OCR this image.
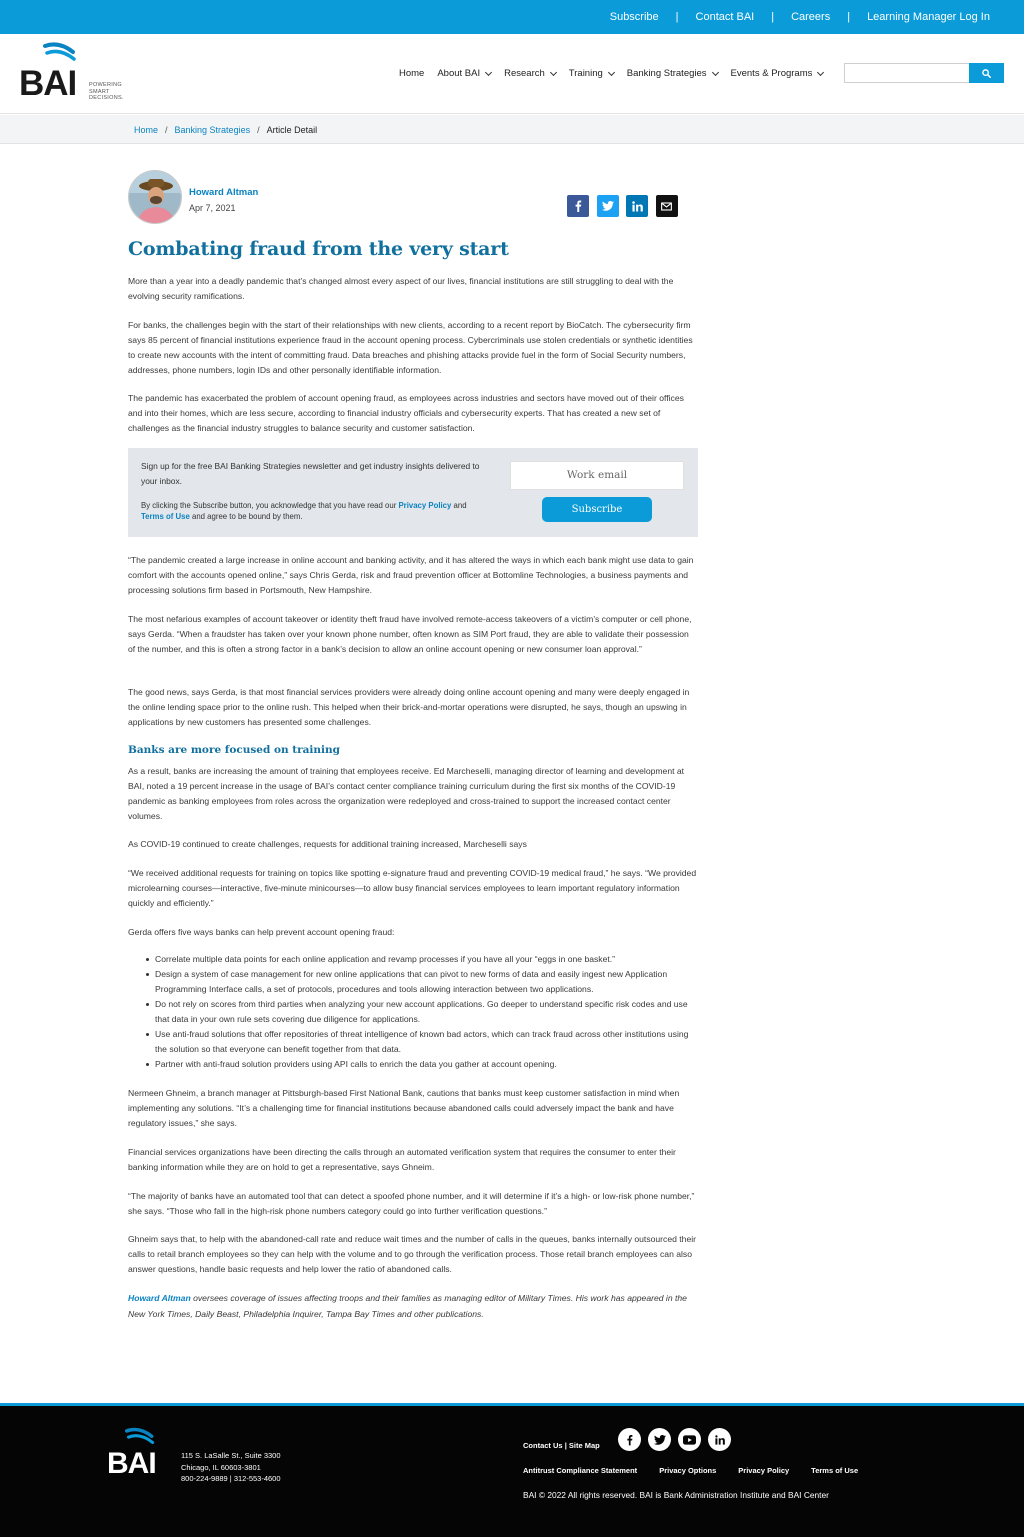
Subscribe | Contact BAI | Careers | Learning Manager Log In
BAI POWERING
SMART
DECISIONS.
Home About BAI	Research	Training	Banking Strategies	Events & Programs
Home / Banking Strategies / Article Detail
Howard Altman
Apr 7, 2021
Combating fraud from the very start

More than a year into a deadly pandemic that’s changed almost every aspect of our lives, financial institutions are still struggling to deal with the evolving security ramifications.

For banks, the challenges begin with the start of their relationships with new clients, according to a recent report by BioCatch. The cybersecurity firm says 85 percent of financial institutions experience fraud in the account opening process. Cybercriminals use stolen credentials or synthetic identities to create new accounts with the intent of committing fraud. Data breaches and phishing attacks provide fuel in the form of Social Security numbers, addresses, phone numbers, login IDs and other personally identifiable information.

The pandemic has exacerbated the problem of account opening fraud, as employees across industries and sectors have moved out of their offices and into their homes, which are less secure, according to financial industry officials and cybersecurity experts. That has created a new set of challenges as the financial industry struggles to balance security and customer satisfaction.

Sign up for the free BAI Banking Strategies newsletter and get industry insights delivered to your inbox.
By clicking the Subscribe button, you acknowledge that you have read our Privacy Policy and Terms of Use and agree to be bound by them.
Work email
Subscribe

“The pandemic created a large increase in online account and banking activity, and it has altered the ways in which each bank might use data to gain comfort with the accounts opened online,” says Chris Gerda, risk and fraud prevention officer at Bottomline Technologies, a business payments and processing solutions firm based in Portsmouth, New Hampshire.

The most nefarious examples of account takeover or identity theft fraud have involved remote-access takeovers of a victim’s computer or cell phone, says Gerda. “When a fraudster has taken over your known phone number, often known as SIM Port fraud, they are able to validate their possession of the number, and this is often a strong factor in a bank’s decision to allow an online account opening or new consumer loan approval.”

The good news, says Gerda, is that most financial services providers were already doing online account opening and many were deeply engaged in the online lending space prior to the online rush. This helped when their brick-and-mortar operations were disrupted, he says, though an upswing in applications by new customers has presented some challenges.

Banks are more focused on training

As a result, banks are increasing the amount of training that employees receive. Ed Marcheselli, managing director of learning and development at BAI, noted a 19 percent increase in the usage of BAI’s contact center compliance training curriculum during the first six months of the COVID-19 pandemic as banking employees from roles across the organization were redeployed and cross-trained to support the increased contact center volumes.

As COVID-19 continued to create challenges, requests for additional training increased, Marcheselli says

“We received additional requests for training on topics like spotting e-signature fraud and preventing COVID-19 medical fraud,” he says. “We provided microlearning courses—interactive, five-minute minicourses—to allow busy financial services employees to learn important regulatory information quickly and efficiently.”

Gerda offers five ways banks can help prevent account opening fraud:

Correlate multiple data points for each online application and revamp processes if you have all your “eggs in one basket.”
Design a system of case management for new online applications that can pivot to new forms of data and easily ingest new Application Programming Interface calls, a set of protocols, procedures and tools allowing interaction between two applications.
Do not rely on scores from third parties when analyzing your new account applications. Go deeper to understand specific risk codes and use that data in your own rule sets covering due diligence for applications.
Use anti-fraud solutions that offer repositories of threat intelligence of known bad actors, which can track fraud across other institutions using the solution so that everyone can benefit together from that data.
Partner with anti-fraud solution providers using API calls to enrich the data you gather at account opening.

Nermeen Ghneim, a branch manager at Pittsburgh-based First National Bank, cautions that banks must keep customer satisfaction in mind when implementing any solutions. “It’s a challenging time for financial institutions because abandoned calls could adversely impact the bank and have regulatory issues,” she says.

Financial services organizations have been directing the calls through an automated verification system that requires the consumer to enter their banking information while they are on hold to get a representative, says Ghneim.

“The majority of banks have an automated tool that can detect a spoofed phone number, and it will determine if it’s a high- or low-risk phone number,” she says. “Those who fall in the high-risk phone numbers category could go into further verification questions.”

Ghneim says that, to help with the abandoned-call rate and reduce wait times and the number of calls in the queues, banks internally outsourced their calls to retail branch employees so they can help with the volume and to go through the verification process. Those retail branch employees can also answer questions, handle basic requests and help lower the ratio of abandoned calls.

Howard Altman oversees coverage of issues affecting troops and their families as managing editor of Military Times. His work has appeared in the New York Times, Daily Beast, Philadelphia Inquirer, Tampa Bay Times and other publications.
BAI	115 S. LaSalle St., Suite 3300
Chicago, IL 60603-3801
800-224-9889 | 312-553-4600
Contact Us | Site Map
Antitrust Compliance Statement	Privacy Options	Privacy Policy	Terms of Use
BAI © 2022 All rights reserved. BAI is Bank Administration Institute and BAI Center
